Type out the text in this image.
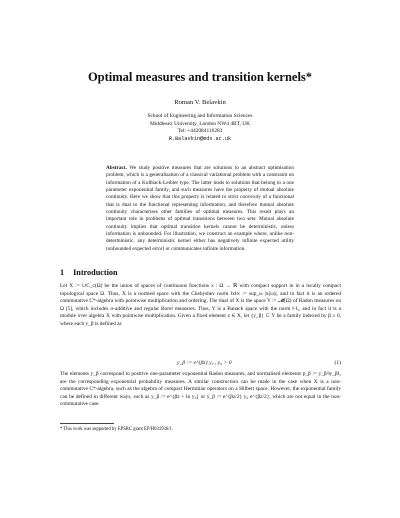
Optimal measures and transition kernels*
Roman V. Belavkin
School of Engineering and Information Sciences
Middlesex University, London NW4 4BT, UK
Tel: +442084116283
R.Belavkin@mdx.ac.uk

Abstract. We study positive measures that are solutions to an abstract optimisation problem, which is a generalisation of a classical variational problem with a constraint on information of a Kullback-Leibler type. The latter leads to solutions that belong to a one parameter exponential family, and such measures have the property of mutual absolute continuity. Here we show that this property is related to strict convexity of a functional that is dual to the functional representing information, and therefore mutual absolute continuity characterises other families of optimal measures. This result plays an important role in problems of optimal transitions between two sets: Mutual absolute continuity implies that optimal transition kernels cannot be deterministic, unless information is unbounded. For illustration, we construct an example where, unlike non-deterministic, any deterministic kernel either has negatively infinite expected utility (unbounded expected error) or communicates infinite information.

1 Introduction

Let X := ∪C_c(Ω) be the union of spaces of continuous functions x : Ω → ℝ with compact support in in a locally compact topological space Ω. Thus, X is a normed space with the Chebyshev norm ‖x‖∞ := sup_ω |x(ω)|, and in fact it is an ordered commutative C*-algebra with pointwise multiplication and ordering. The dual of X is the space Y := 𝓜(Ω) of Radon measures on Ω [5], which includes σ-additive and regular Borel measures. Thus, Y is a Banach space with the norm ‖·‖₁, and in fact it is a module over algebra X with pointwise multiplication. Given a fixed element z ∈ X, let {y_β} ⊂ Y be a family indexed by β ≥ 0, where each y_β is defined as

y_β := e^{βz} y₀ , y₀ > 0	(1)

The elements y_β correspond to positive one-parameter exponential Radon measures, and normalised elements p_β := y_β/‖y_β‖₁ are the corresponding exponential probability measures. A similar construction can be made in the case when X is a non-commutative C*-algebra, such as the algebra of compact Hermitian operators on a Hilbert space. However, the exponential family can be defined in different ways, such as y_β := e^{βz + ln y₀} or y_β := e^{βz/2} y₀ e^{βz/2}, which are not equal in the non-commutative case.

* This work was supported by EPSRC grant EP/H031936/1.
